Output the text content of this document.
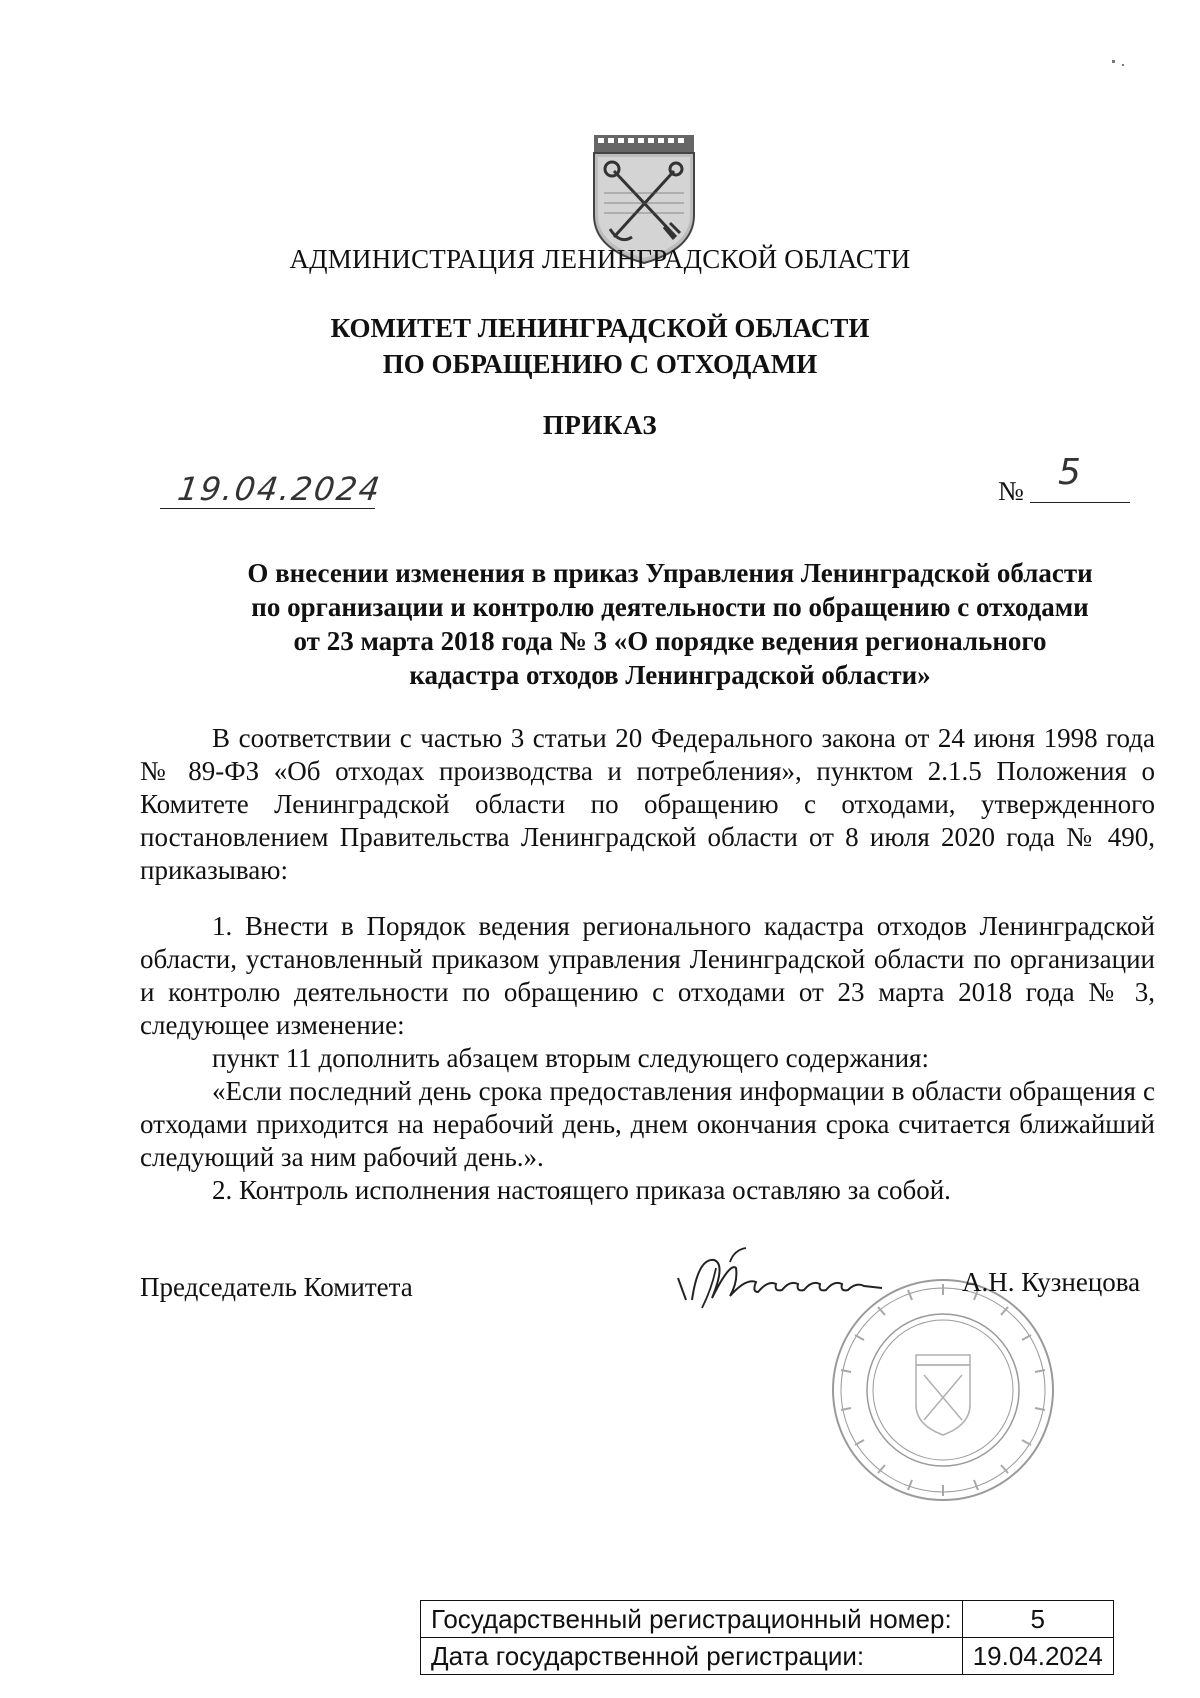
АДМИНИСТРАЦИЯ ЛЕНИНГРАДСКОЙ ОБЛАСТИ
КОМИТЕТ ЛЕНИНГРАДСКОЙ ОБЛАСТИ
ПО ОБРАЩЕНИЮ С ОТХОДАМИ
ПРИКАЗ
19.04.2024	№ 5
О внесении изменения в приказ Управления Ленинградской области
по организации и контролю деятельности по обращению с отходами
от 23 марта 2018 года № 3 «О порядке ведения регионального
кадастра отходов Ленинградской области»

В соответствии с частью 3 статьи 20 Федерального закона от 24 июня 1998 года № 89-ФЗ «Об отходах производства и потребления», пунктом 2.1.5 Положения о Комитете Ленинградской области по обращению с отходами, утвержденного постановлением Правительства Ленинградской области от 8 июля 2020 года № 490, приказываю:

1. Внести в Порядок ведения регионального кадастра отходов Ленинградской области, установленный приказом управления Ленинградской области по организации и контролю деятельности по обращению с отходами от 23 марта 2018 года № 3, следующее изменение:

пункт 11 дополнить абзацем вторым следующего содержания:

«Если последний день срока предоставления информации в области обращения с отходами приходится на нерабочий день, днем окончания срока считается ближайший следующий за ним рабочий день.».

2. Контроль исполнения настоящего приказа оставляю за собой.

Председатель Комитета	А.Н. Кузнецова
Государственный регистрационный номер:	5
Дата государственной регистрации:	19.04.2024
